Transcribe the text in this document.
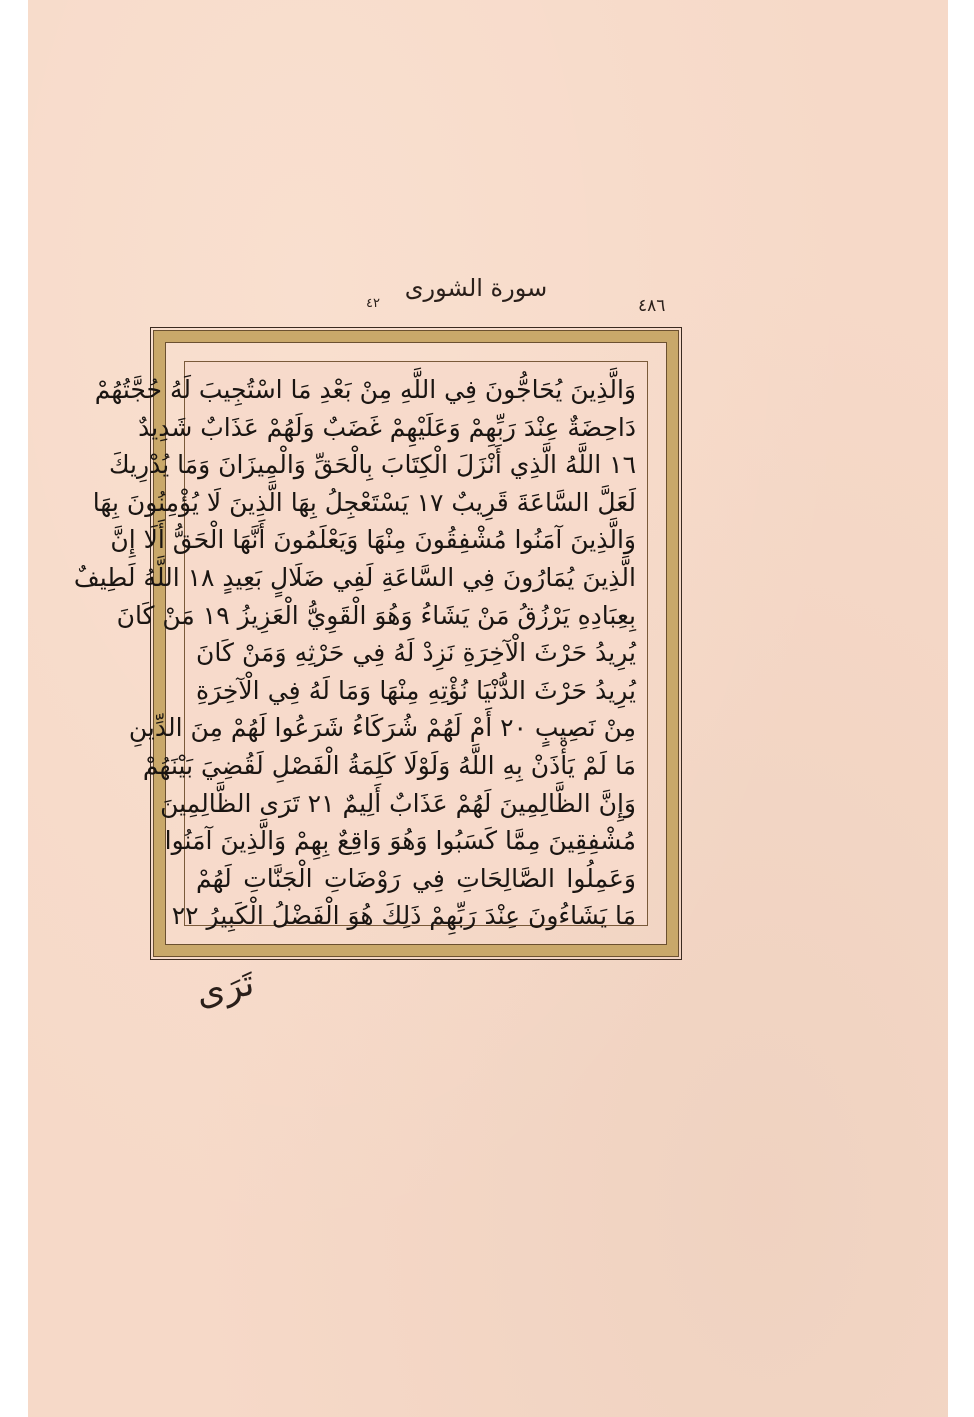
سورة الشورى
٤٢	٤٨٦
وَالَّذِينَ يُحَاجُّونَ فِي اللَّهِ مِنْ بَعْدِ مَا اسْتُجِيبَ لَهُ حُجَّتُهُمْ
دَاحِضَةٌ عِنْدَ رَبِّهِمْ وَعَلَيْهِمْ غَضَبٌ وَلَهُمْ عَذَابٌ شَدِيدٌ
١٦ اللَّهُ الَّذِي أَنْزَلَ الْكِتَابَ بِالْحَقِّ وَالْمِيزَانَ وَمَا يُدْرِيكَ
لَعَلَّ السَّاعَةَ قَرِيبٌ ١٧ يَسْتَعْجِلُ بِهَا الَّذِينَ لَا يُؤْمِنُونَ بِهَا
وَالَّذِينَ آمَنُوا مُشْفِقُونَ مِنْهَا وَيَعْلَمُونَ أَنَّهَا الْحَقُّ أَلَا إِنَّ
الَّذِينَ يُمَارُونَ فِي السَّاعَةِ لَفِي ضَلَالٍ بَعِيدٍ ١٨ اللَّهُ لَطِيفٌ
بِعِبَادِهِ يَرْزُقُ مَنْ يَشَاءُ وَهُوَ الْقَوِيُّ الْعَزِيزُ ١٩ مَنْ كَانَ
يُرِيدُ حَرْثَ الْآخِرَةِ نَزِدْ لَهُ فِي حَرْثِهِ وَمَنْ كَانَ
يُرِيدُ حَرْثَ الدُّنْيَا نُؤْتِهِ مِنْهَا وَمَا لَهُ فِي الْآخِرَةِ
مِنْ نَصِيبٍ ٢٠ أَمْ لَهُمْ شُرَكَاءُ شَرَعُوا لَهُمْ مِنَ الدِّينِ
مَا لَمْ يَأْذَنْ بِهِ اللَّهُ وَلَوْلَا كَلِمَةُ الْفَصْلِ لَقُضِيَ بَيْنَهُمْ
وَإِنَّ الظَّالِمِينَ لَهُمْ عَذَابٌ أَلِيمٌ ٢١ تَرَى الظَّالِمِينَ
مُشْفِقِينَ مِمَّا كَسَبُوا وَهُوَ وَاقِعٌ بِهِمْ وَالَّذِينَ آمَنُوا
وَعَمِلُوا الصَّالِحَاتِ فِي رَوْضَاتِ الْجَنَّاتِ لَهُمْ
مَا يَشَاءُونَ عِنْدَ رَبِّهِمْ ذَلِكَ هُوَ الْفَضْلُ الْكَبِيرُ ٢٢
تَرَى
